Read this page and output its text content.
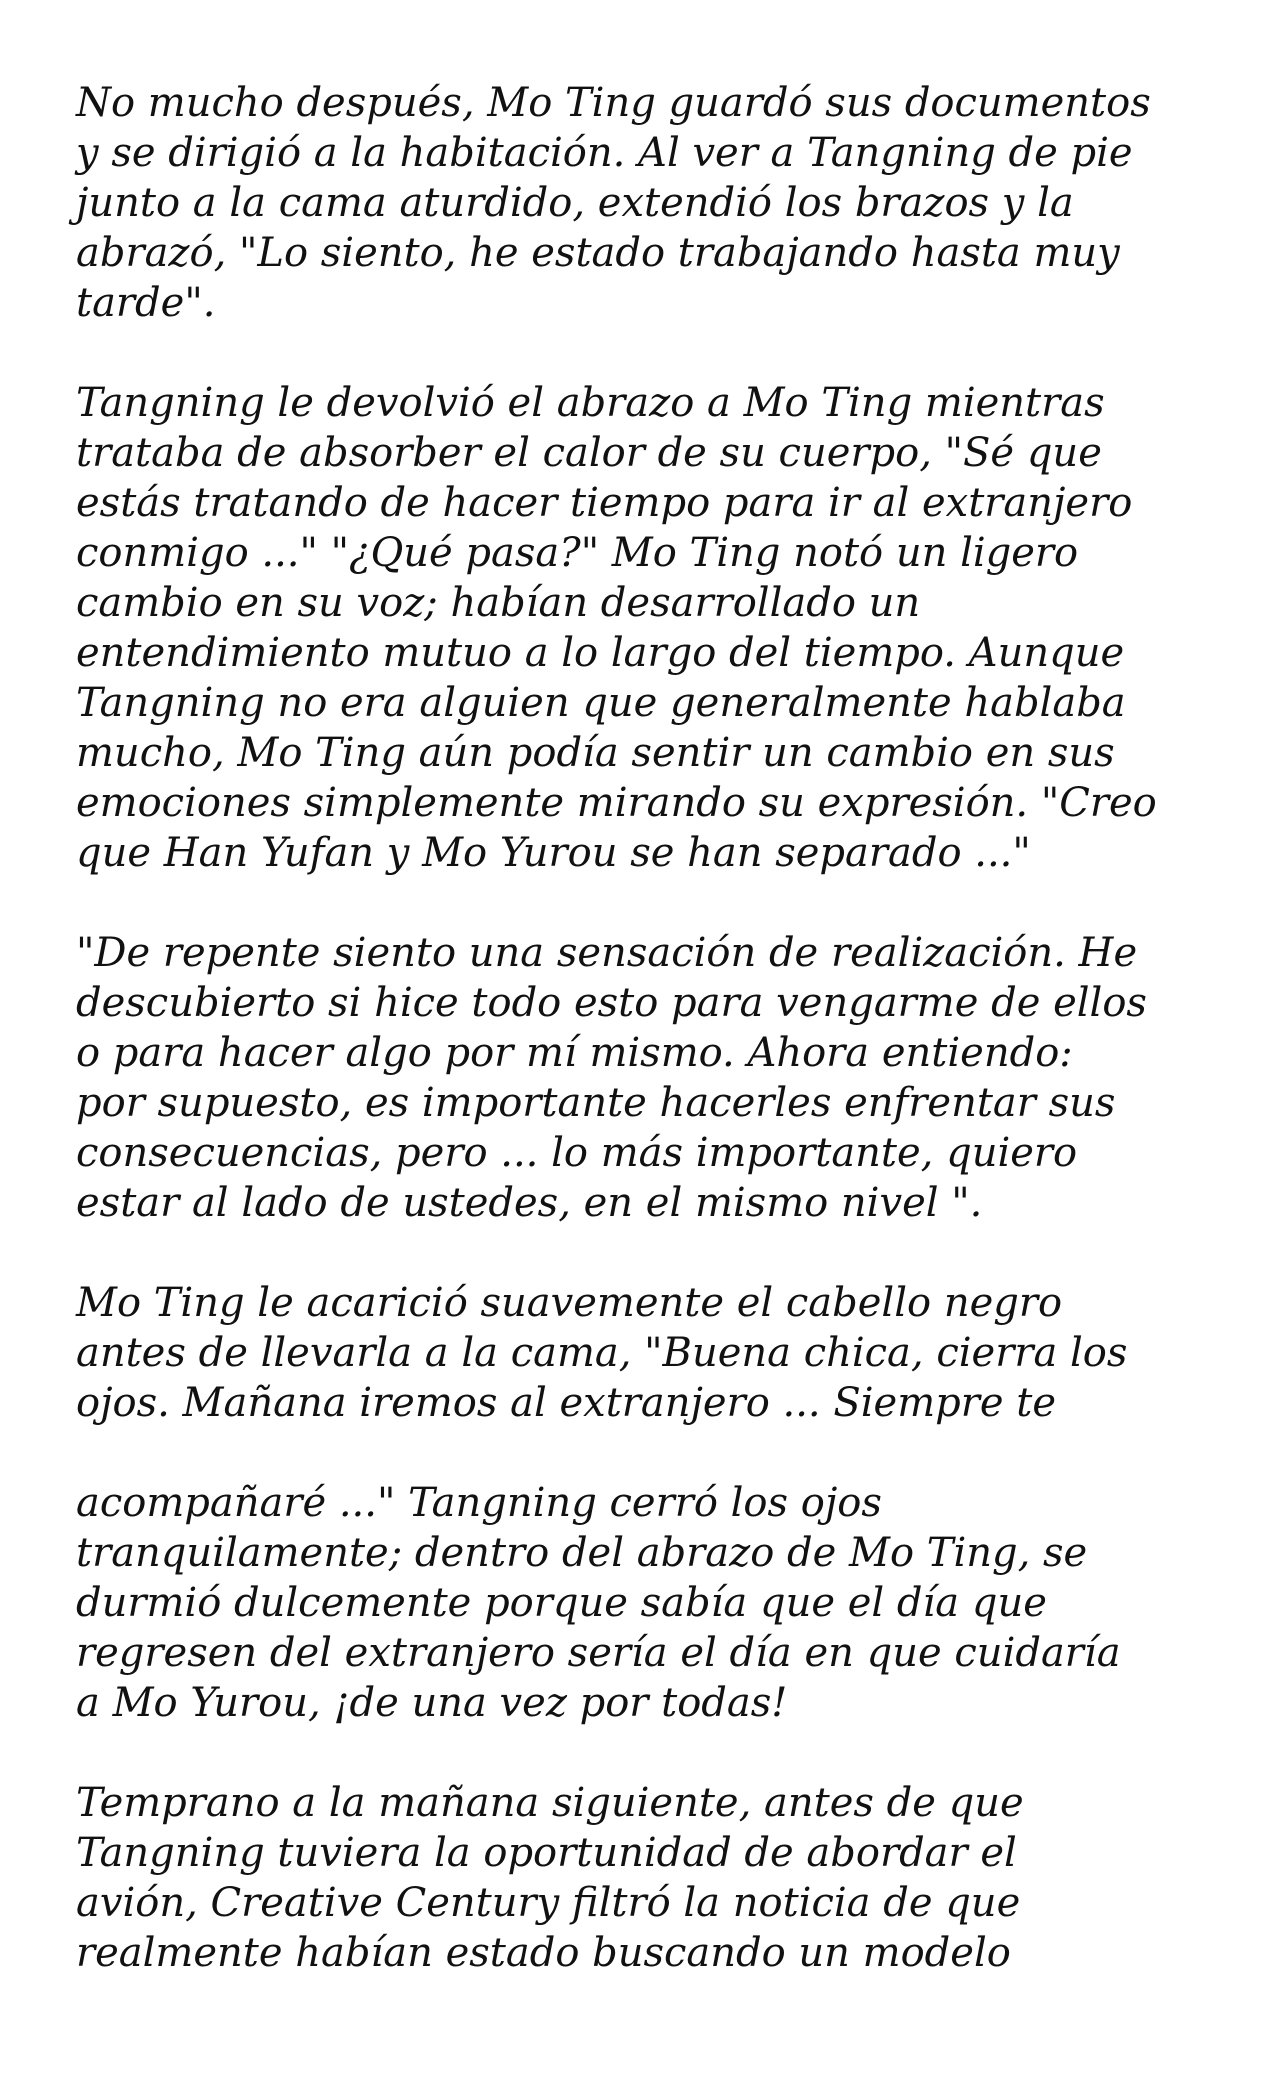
No mucho después, Mo Ting guardó sus documentos
y se dirigió a la habitación. Al ver a Tangning de pie
junto a la cama aturdido, extendió los brazos y la
abrazó, "Lo siento, he estado trabajando hasta muy
tarde".
Tangning le devolvió el abrazo a Mo Ting mientras
trataba de absorber el calor de su cuerpo, "Sé que
estás tratando de hacer tiempo para ir al extranjero
conmigo ..." "¿Qué pasa?" Mo Ting notó un ligero
cambio en su voz; habían desarrollado un
entendimiento mutuo a lo largo del tiempo. Aunque
Tangning no era alguien que generalmente hablaba
mucho, Mo Ting aún podía sentir un cambio en sus
emociones simplemente mirando su expresión. "Creo
que Han Yufan y Mo Yurou se han separado ..."
"De repente siento una sensación de realización. He
descubierto si hice todo esto para vengarme de ellos
o para hacer algo por mí mismo. Ahora entiendo:
por supuesto, es importante hacerles enfrentar sus
consecuencias, pero ... lo más importante, quiero
estar al lado de ustedes, en el mismo nivel ".
Mo Ting le acarició suavemente el cabello negro
antes de llevarla a la cama, "Buena chica, cierra los
ojos. Mañana iremos al extranjero ... Siempre te
acompañaré ..." Tangning cerró los ojos
tranquilamente; dentro del abrazo de Mo Ting, se
durmió dulcemente porque sabía que el día que
regresen del extranjero sería el día en que cuidaría
a Mo Yurou, ¡de una vez por todas!
Temprano a la mañana siguiente, antes de que
Tangning tuviera la oportunidad de abordar el
avión, Creative Century filtró la noticia de que
realmente habían estado buscando un modelo
